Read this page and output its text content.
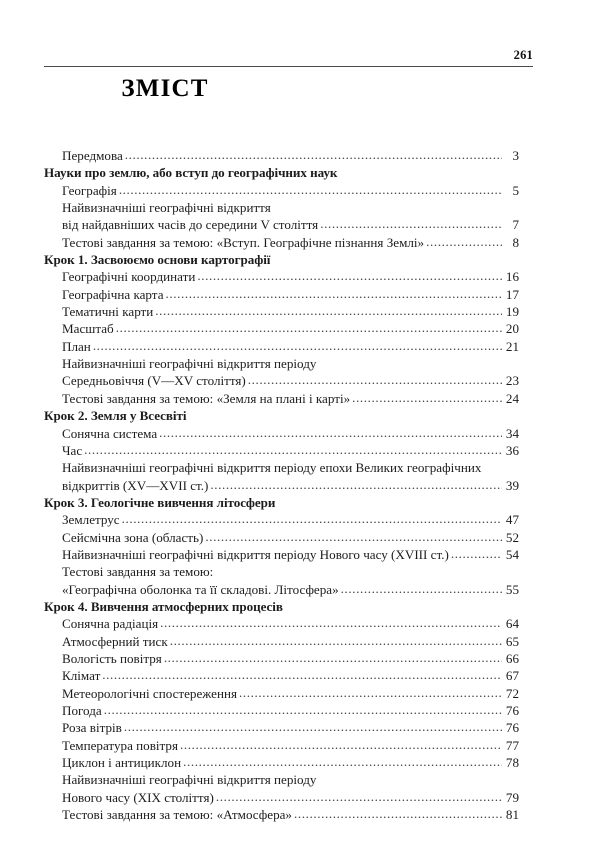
261
ЗМІСТ
Передмова .....	3
Науки про землю, або вступ до географічних наук
Географія .....	5
Найвизначніші географічні відкриття
від найдавніших часів до середини V століття .....	7
Тестові завдання за темою: «Вступ. Географічне пізнання Землі» .....	8
Крок 1. Засвоюємо основи картографії
Географічні координати .....	16
Географічна карта .....	17
Тематичні карти .....	19
Масштаб .....	20
План .....	21
Найвизначніші географічні відкриття періоду
Середньовіччя (V—XV століття) .....	23
Тестові завдання за темою: «Земля на плані і карті» .....	24
Крок 2. Земля у Всесвіті
Сонячна система .....	34
Час .....	36
Найвизначніші географічні відкриття періоду епохи Великих географічних
відкриттів (XV—XVII ст.) .....	39
Крок 3. Геологічне вивчення літосфери
Землетрус .....	47
Сейсмічна зона (область) .....	52
Найвизначніші географічні відкриття періоду Нового часу (XVIII ст.) .....	54
Тестові завдання за темою:
«Географічна оболонка та її складові. Літосфера» .....	55
Крок 4. Вивчення атмосферних процесів
Сонячна радіація .....	64
Атмосферний тиск .....	65
Вологість повітря .....	66
Клімат .....	67
Метеорологічні спостереження .....	72
Погода .....	76
Роза вітрів .....	76
Температура повітря .....	77
Циклон і антициклон .....	78
Найвизначніші географічні відкриття періоду
Нового часу (XIX століття) .....	79
Тестові завдання за темою: «Атмосфера» .....	81
